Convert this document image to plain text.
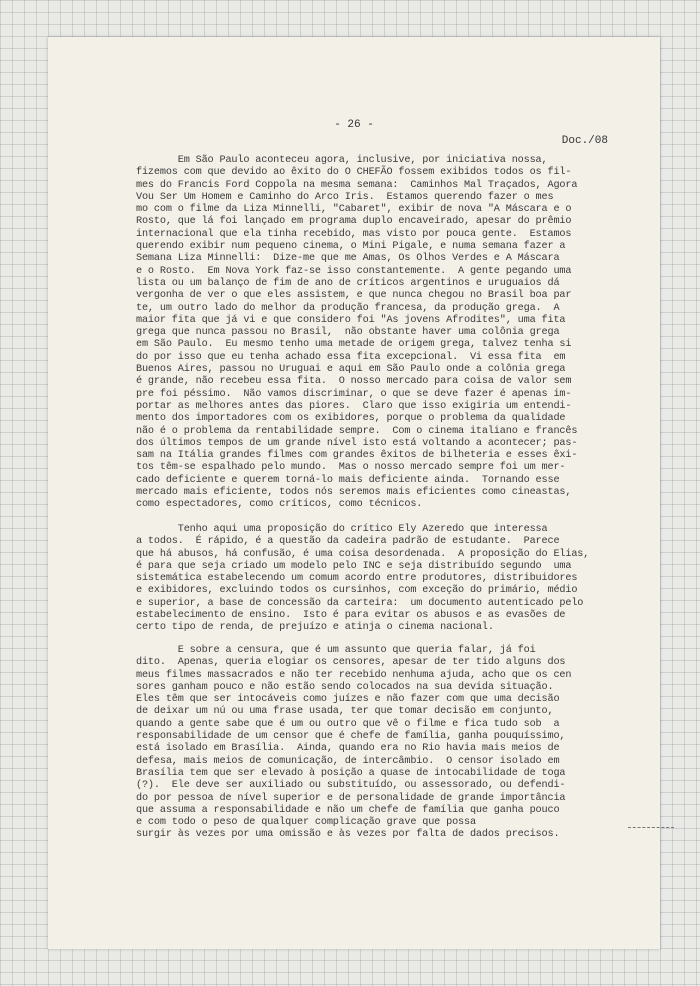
- 26 -
Doc./08
Em São Paulo aconteceu agora, inclusive, por iniciativa nossa,
fizemos com que devido ao êxito do O CHEFÃO fossem exibidos todos os fil-
mes do Francis Ford Coppola na mesma semana:  Caminhos Mal Traçados, Agora
Vou Ser Um Homem e Caminho do Arco Iris.  Estamos querendo fazer o mes
mo com o filme da Liza Minnelli, "Cabaret", exibir de nova "A Máscara e o
Rosto, que lá foi lançado em programa duplo encaveirado, apesar do prêmio
internacional que ela tinha recebido, mas visto por pouca gente.  Estamos
querendo exibir num pequeno cinema, o Mini Pigale, e numa semana fazer a
Semana Liza Minnelli:  Dize-me que me Amas, Os Olhos Verdes e A Máscara
e o Rosto.  Em Nova York faz-se isso constantemente.  A gente pegando uma
lista ou um balanço de fim de ano de críticos argentinos e uruguaios dá
vergonha de ver o que eles assistem, e que nunca chegou no Brasil boa par
te, um outro lado do melhor da produção francesa, da produção grega.  A
maior fita que já vi e que considero foi "As jovens Afrodites", uma fita
grega que nunca passou no Brasil,  não obstante haver uma colônia grega
em São Paulo.  Eu mesmo tenho uma metade de origem grega, talvez tenha si
do por isso que eu tenha achado essa fita excepcional.  Vi essa fita  em
Buenos Aires, passou no Uruguai e aqui em São Paulo onde a colônia grega
é grande, não recebeu essa fita.  O nosso mercado para coisa de valor sem
pre foi péssimo.  Não vamos discriminar, o que se deve fazer é apenas im-
portar as melhores antes das piores.  Claro que isso exigiria um entendi-
mento dos importadores com os exibidores, porque o problema da qualidade
não é o problema da rentabilidade sempre.  Com o cinema italiano e francês
dos últimos tempos de um grande nível isto está voltando a acontecer; pas-
sam na Itália grandes filmes com grandes êxitos de bilheteria e esses êxi-
tos têm-se espalhado pelo mundo.  Mas o nosso mercado sempre foi um mer-
cado deficiente e querem torná-lo mais deficiente ainda.  Tornando esse
mercado mais eficiente, todos nós seremos mais eficientes como cineastas,
como espectadores, como críticos, como técnicos.
Tenho aqui uma proposição do crítico Ely Azeredo que interessa
a todos.  É rápido, é a questão da cadeira padrão de estudante.  Parece
que há abusos, há confusão, é uma coisa desordenada.  A proposição do Elias,
é para que seja criado um modelo pelo INC e seja distribuído segundo  uma
sistemática estabelecendo um comum acordo entre produtores, distribuidores
e exibidores, excluindo todos os cursinhos, com exceção do primário, médio
e superior, a base de concessão da carteira:  um documento autenticado pelo
estabelecimento de ensino.  Isto é para evitar os abusos e as evasões de
certo tipo de renda, de prejuízo e atinja o cinema nacional.
E sobre a censura, que é um assunto que queria falar, já foi
dito.  Apenas, queria elogiar os censores, apesar de ter tido alguns dos
meus filmes massacrados e não ter recebido nenhuma ajuda, acho que os cen
sores ganham pouco e não estão sendo colocados na sua devida situação.
Eles têm que ser intocáveis como juízes e não fazer com que uma decisão
de deixar um nú ou uma frase usada, ter que tomar decisão em conjunto,
quando a gente sabe que é um ou outro que vê o filme e fica tudo sob  a
responsabilidade de um censor que é chefe de família, ganha pouquíssimo,
está isolado em Brasília.  Ainda, quando era no Rio havia mais meios de
defesa, mais meios de comunicação, de intercâmbio.  O censor isolado em
Brasília tem que ser elevado à posição a quase de intocabilidade de toga
(?).  Ele deve ser auxiliado ou substituído, ou assessorado, ou defendi-
do por pessoa de nível superior e de personalidade de grande importância
que assuma a responsabilidade e não um chefe de família que ganha pouco
e com todo o peso de qualquer complicação grave que possa
surgir às vezes por uma omissão e às vezes por falta de dados precisos.
